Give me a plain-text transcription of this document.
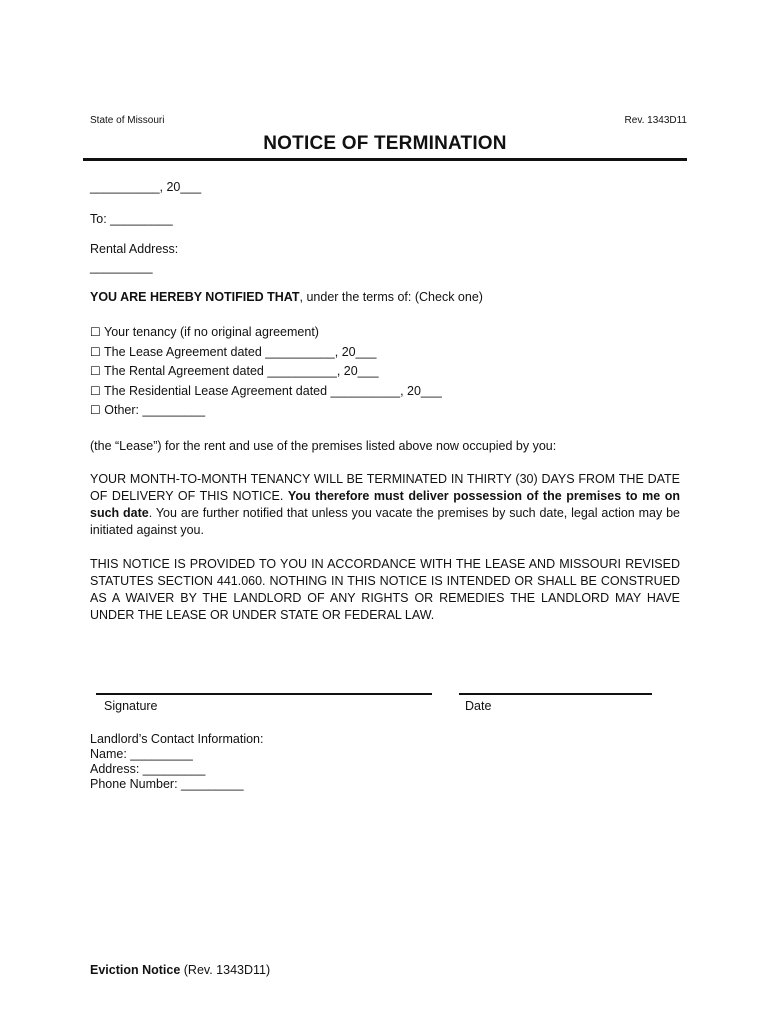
State of Missouri	Rev. 1343D11
NOTICE OF TERMINATION
__________, 20___
To: _________
Rental Address:
_________
YOU ARE HEREBY NOTIFIED THAT, under the terms of: (Check one)
☐ Your tenancy (if no original agreement)
☐ The Lease Agreement dated __________, 20___
☐ The Rental Agreement dated __________, 20___
☐ The Residential Lease Agreement dated __________, 20___
☐ Other: _________
(the “Lease”) for the rent and use of the premises listed above now occupied by you:
YOUR MONTH-TO-MONTH TENANCY WILL BE TERMINATED IN THIRTY (30) DAYS FROM THE DATE OF DELIVERY OF THIS NOTICE. You therefore must deliver possession of the premises to me on such date. You are further notified that unless you vacate the premises by such date, legal action may be initiated against you.
THIS NOTICE IS PROVIDED TO YOU IN ACCORDANCE WITH THE LEASE AND MISSOURI REVISED STATUTES SECTION 441.060. NOTHING IN THIS NOTICE IS INTENDED OR SHALL BE CONSTRUED AS A WAIVER BY THE LANDLORD OF ANY RIGHTS OR REMEDIES THE LANDLORD MAY HAVE UNDER THE LEASE OR UNDER STATE OR FEDERAL LAW.
Signature	Date
Landlord’s Contact Information:
Name: _________
Address: _________
Phone Number: _________
Eviction Notice (Rev. 1343D11)
